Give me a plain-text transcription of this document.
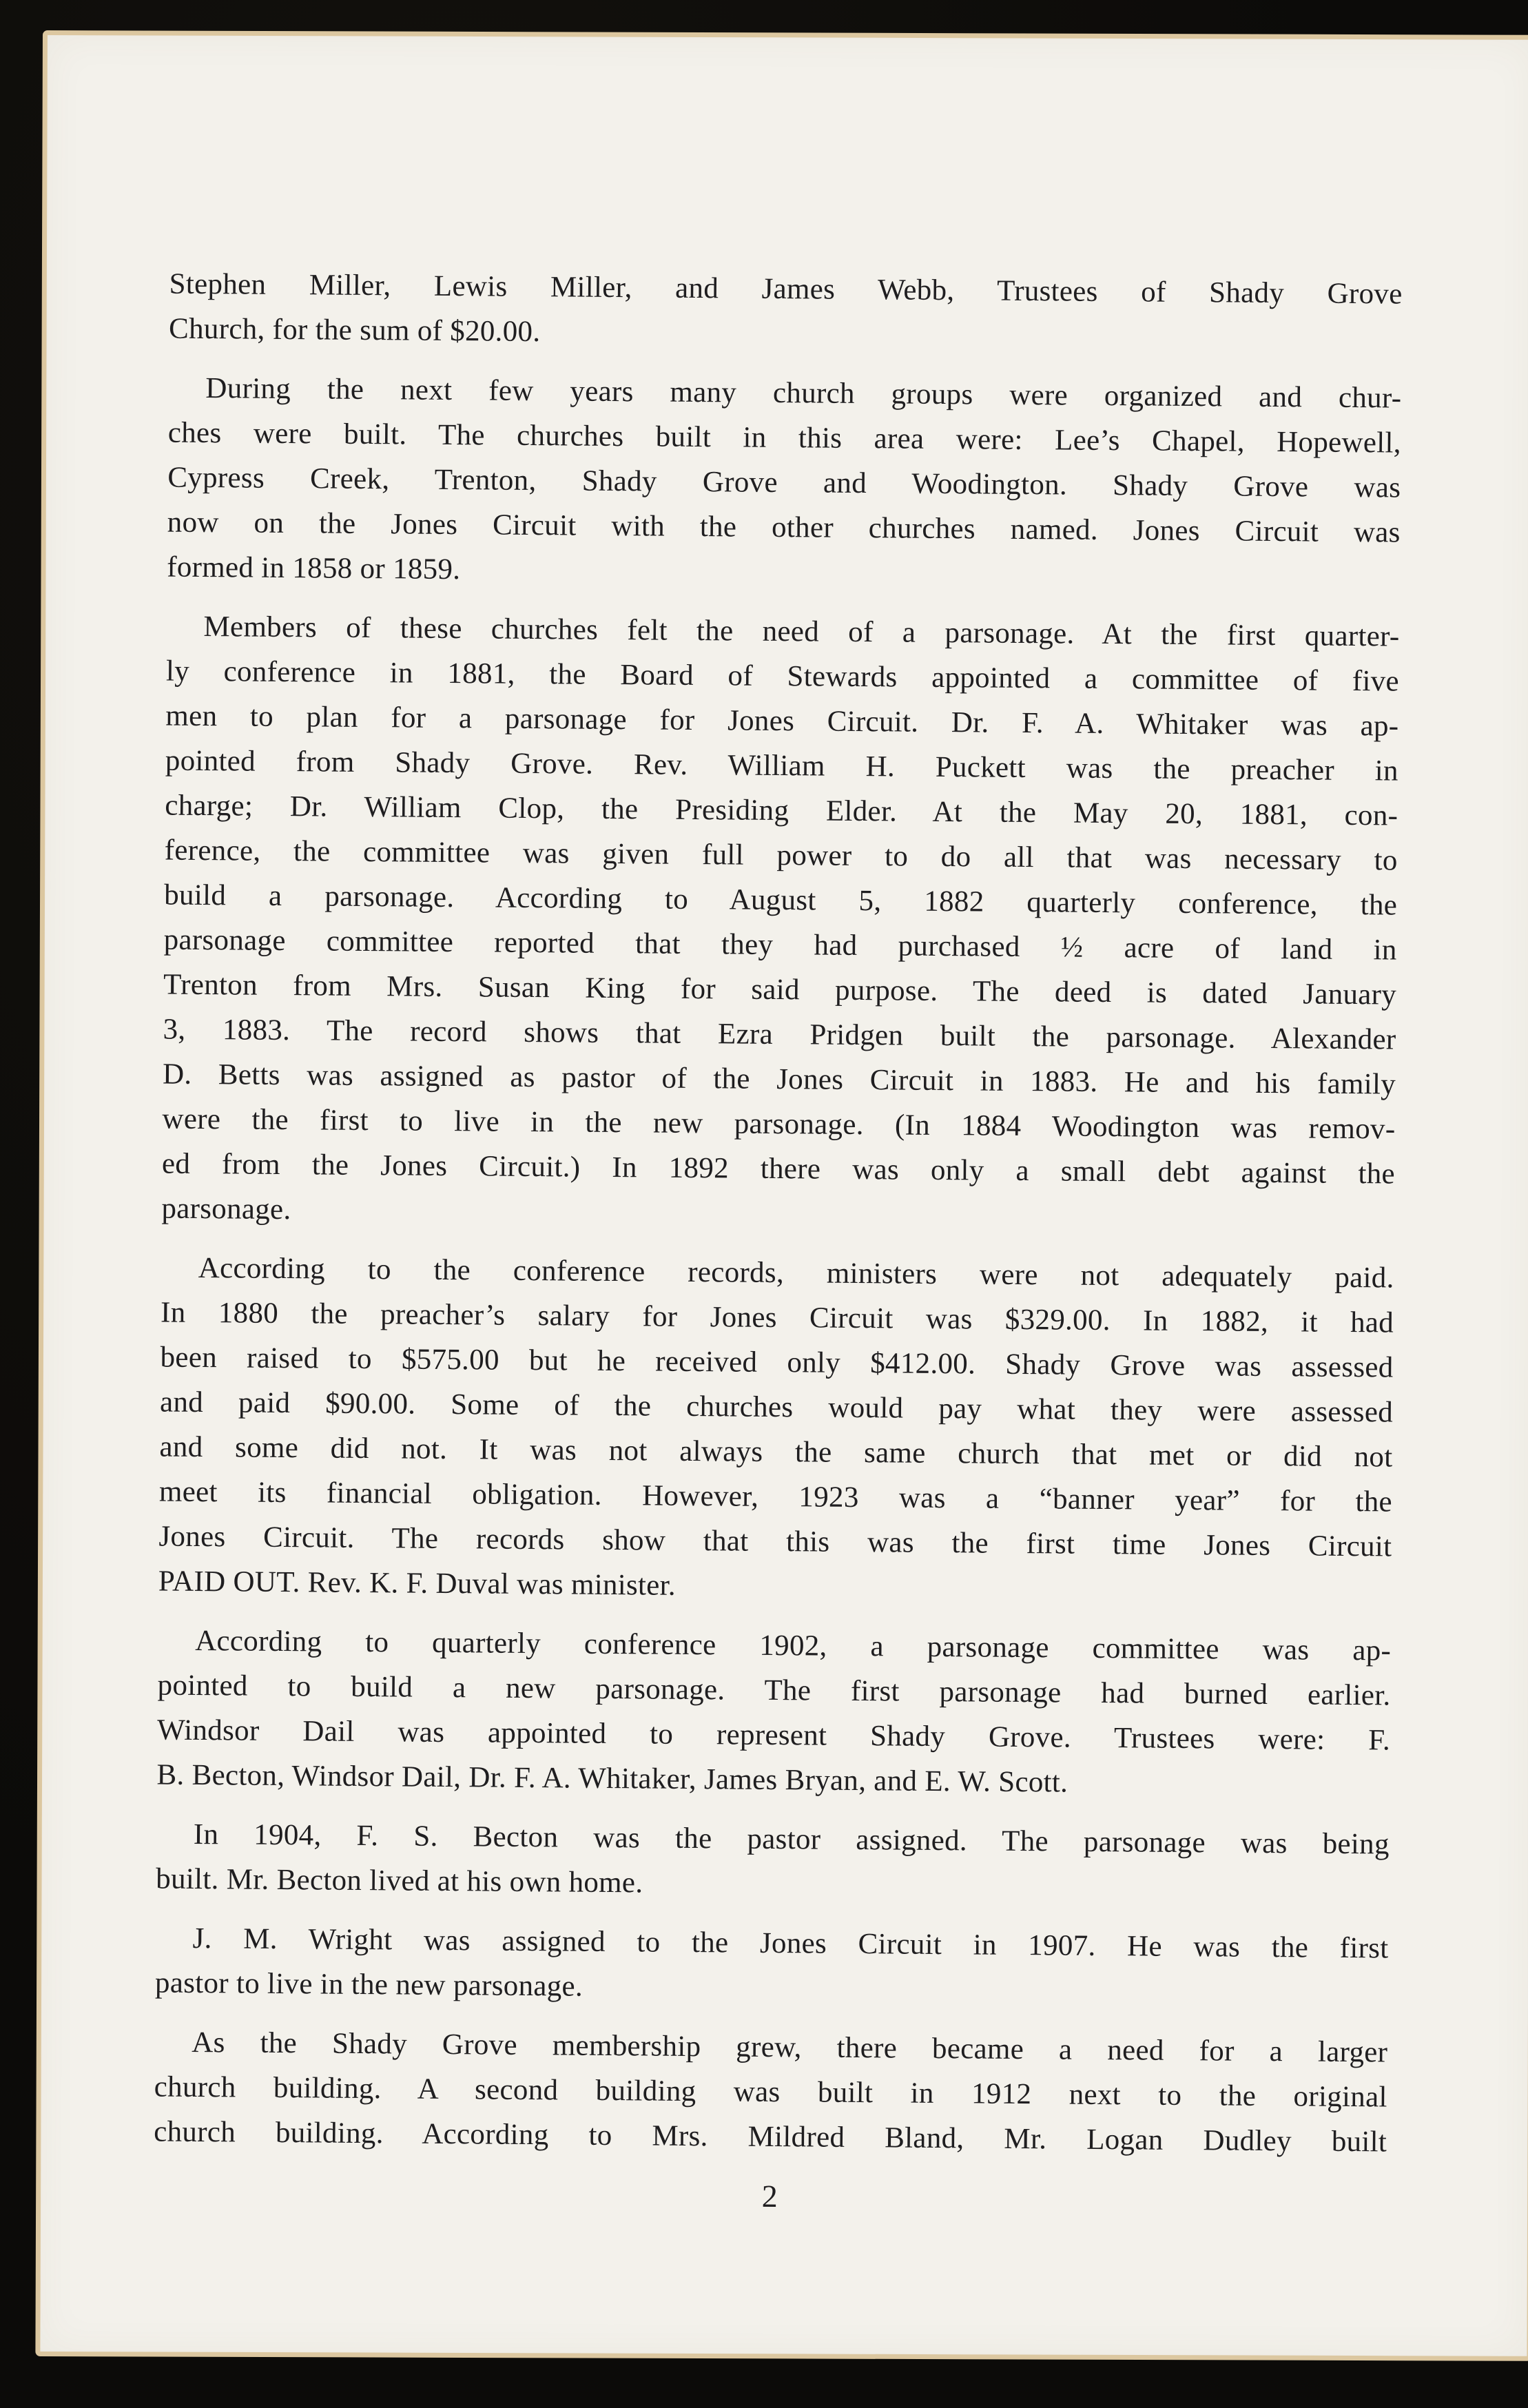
Stephen Miller, Lewis Miller, and James Webb, Trustees of Shady Grove
Church, for the sum of $20.00.
During the next few years many church groups were organized and chur-
ches were built. The churches built in this area were: Lee’s Chapel, Hopewell,
Cypress Creek, Trenton, Shady Grove and Woodington. Shady Grove was
now on the Jones Circuit with the other churches named. Jones Circuit was
formed in 1858 or 1859.
Members of these churches felt the need of a parsonage. At the first quarter-
ly conference in 1881, the Board of Stewards appointed a committee of five
men to plan for a parsonage for Jones Circuit. Dr. F. A. Whitaker was ap-
pointed from Shady Grove. Rev. William H. Puckett was the preacher in
charge; Dr. William Clop, the Presiding Elder. At the May 20, 1881, con-
ference, the committee was given full power to do all that was necessary to
build a parsonage. According to August 5, 1882 quarterly conference, the
parsonage committee reported that they had purchased ½ acre of land in
Trenton from Mrs. Susan King for said purpose. The deed is dated January
3, 1883. The record shows that Ezra Pridgen built the parsonage. Alexander
D. Betts was assigned as pastor of the Jones Circuit in 1883. He and his family
were the first to live in the new parsonage. (In 1884 Woodington was remov-
ed from the Jones Circuit.) In 1892 there was only a small debt against the
parsonage.
According to the conference records, ministers were not adequately paid.
In 1880 the preacher’s salary for Jones Circuit was $329.00. In 1882, it had
been raised to $575.00 but he received only $412.00. Shady Grove was assessed
and paid $90.00. Some of the churches would pay what they were assessed
and some did not. It was not always the same church that met or did not
meet its financial obligation. However, 1923 was a “banner year” for the
Jones Circuit. The records show that this was the first time Jones Circuit
PAID OUT. Rev. K. F. Duval was minister.
According to quarterly conference 1902, a parsonage committee was ap-
pointed to build a new parsonage. The first parsonage had burned earlier.
Windsor Dail was appointed to represent Shady Grove. Trustees were: F.
B. Becton, Windsor Dail, Dr. F. A. Whitaker, James Bryan, and E. W. Scott.
In 1904, F. S. Becton was the pastor assigned. The parsonage was being
built. Mr. Becton lived at his own home.
J. M. Wright was assigned to the Jones Circuit in 1907. He was the first
pastor to live in the new parsonage.
As the Shady Grove membership grew, there became a need for a larger
church building. A second building was built in 1912 next to the original
church building. According to Mrs. Mildred Bland, Mr. Logan Dudley built
2
